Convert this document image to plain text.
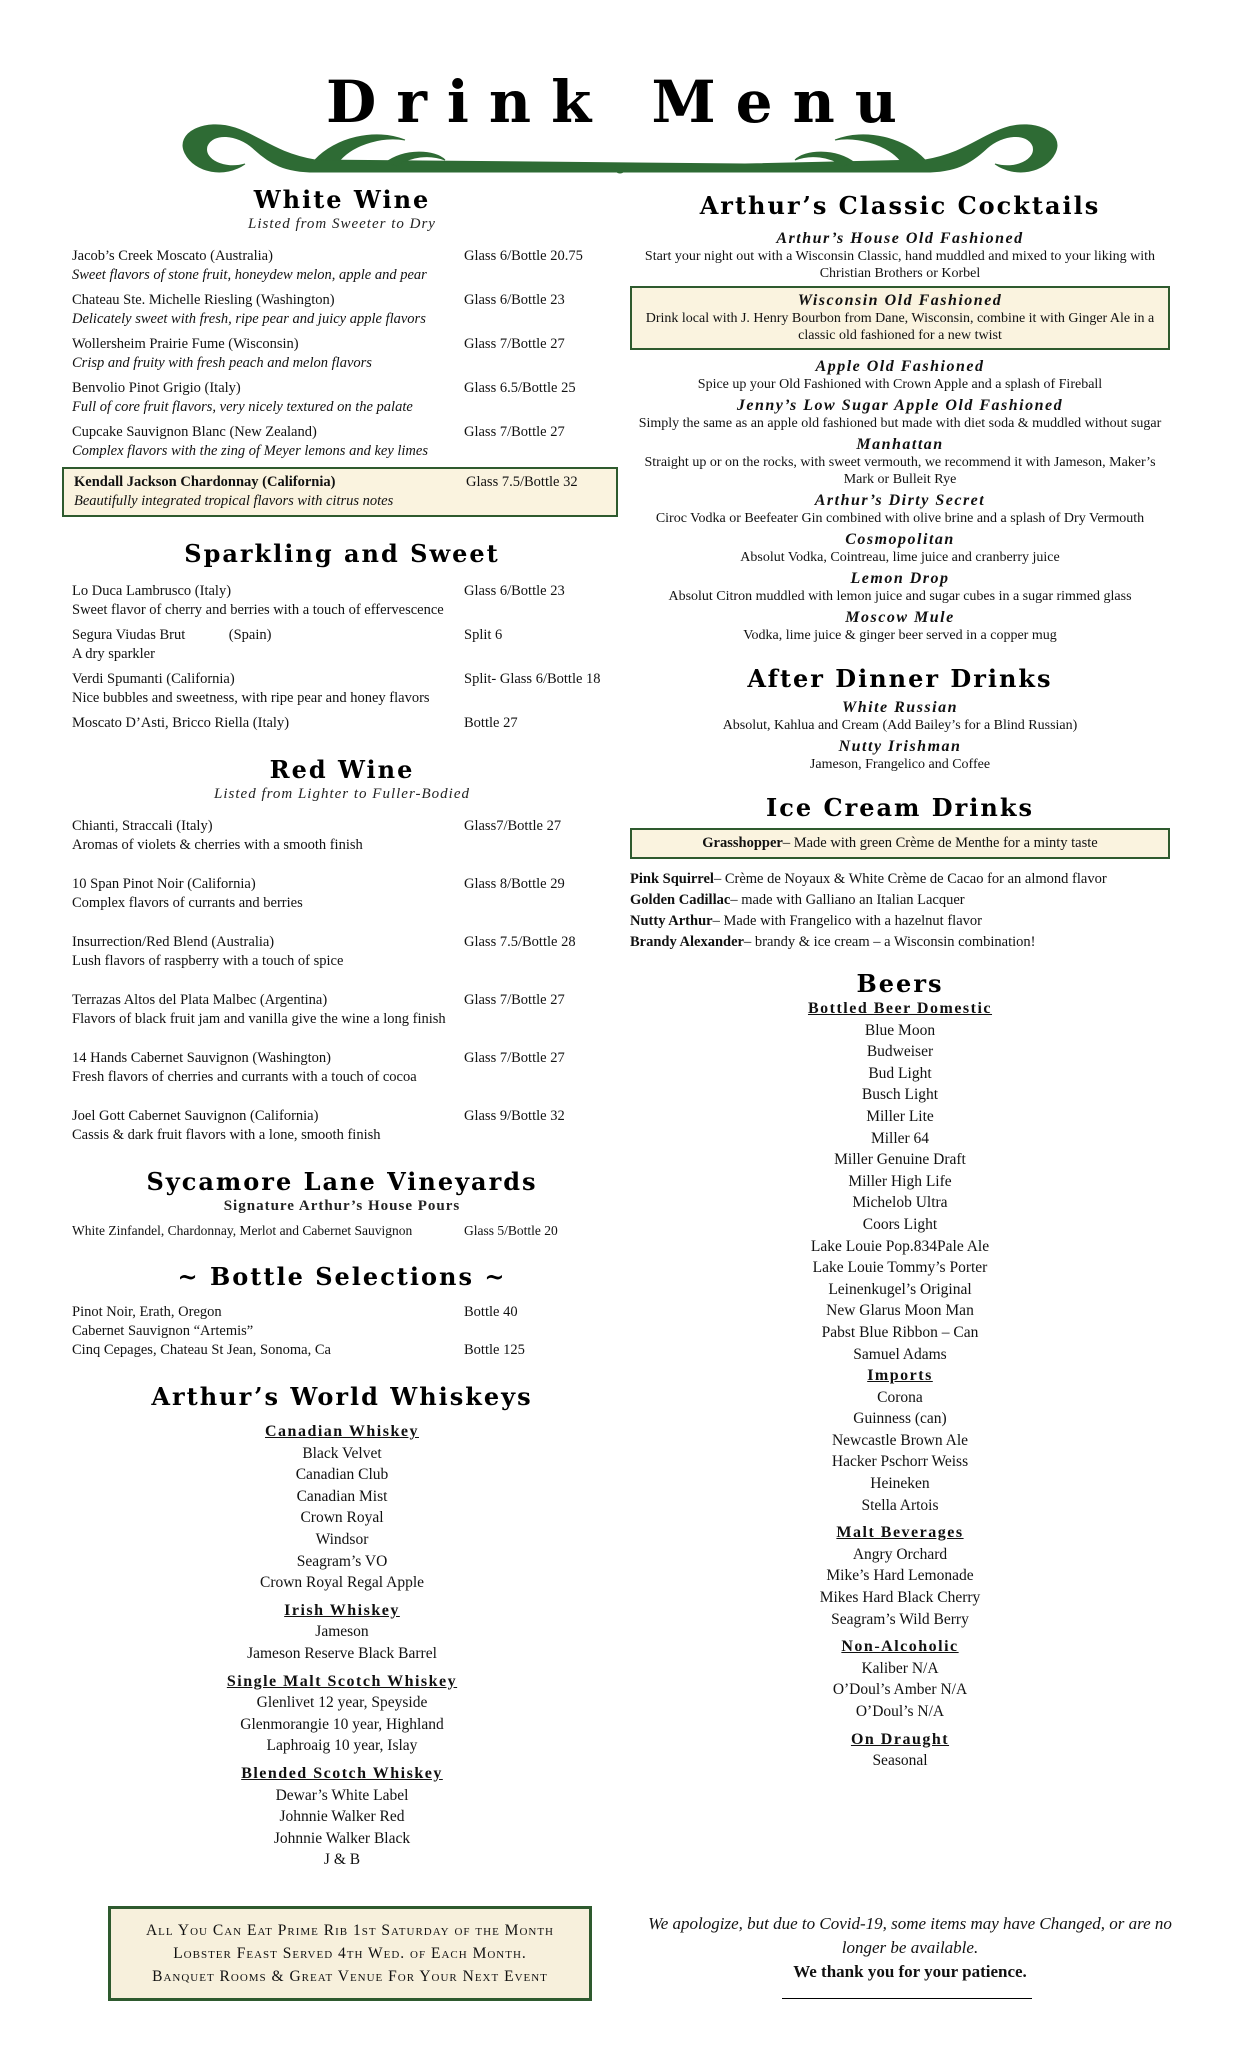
Drink Menu
White Wine
Listed from Sweeter to Dry
Jacob’s Creek Moscato (Australia)	Glass 6/Bottle 20.75
Sweet flavors of stone fruit, honeydew melon, apple and pear
Chateau Ste. Michelle Riesling (Washington)	Glass 6/Bottle 23
Delicately sweet with fresh, ripe pear and juicy apple flavors
Wollersheim Prairie Fume (Wisconsin)	Glass 7/Bottle 27
Crisp and fruity with fresh peach and melon flavors
Benvolio Pinot Grigio (Italy)	Glass 6.5/Bottle 25
Full of core fruit flavors, very nicely textured on the palate
Cupcake Sauvignon Blanc (New Zealand)	Glass 7/Bottle 27
Complex flavors with the zing of Meyer lemons and key limes
Kendall Jackson Chardonnay (California)	Glass 7.5/Bottle 32
Beautifully integrated tropical flavors with citrus notes
Sparkling and Sweet
Lo Duca Lambrusco (Italy)	Glass 6/Bottle 23
Sweet flavor of cherry and berries with a touch of effervescence
Segura Viudas Brut            (Spain)	Split 6
A dry sparkler
Verdi Spumanti (California)	Split- Glass 6/Bottle 18
Nice bubbles and sweetness, with ripe pear and honey flavors
Moscato D’Asti, Bricco Riella (Italy)	Bottle 27
Red Wine
Listed from Lighter to Fuller-Bodied
Chianti, Straccali (Italy)	Glass7/Bottle 27
Aromas of violets & cherries with a smooth finish
10 Span Pinot Noir (California)	Glass 8/Bottle 29
Complex flavors of currants and berries
Insurrection/Red Blend (Australia)	Glass 7.5/Bottle 28
Lush flavors of raspberry with a touch of spice
Terrazas Altos del Plata Malbec (Argentina)	Glass 7/Bottle 27
Flavors of black fruit jam and vanilla give the wine a long finish
14 Hands Cabernet Sauvignon (Washington)	Glass 7/Bottle 27
Fresh flavors of cherries and currants with a touch of cocoa
Joel Gott Cabernet Sauvignon (California)	Glass 9/Bottle 32
Cassis & dark fruit flavors with a lone, smooth finish
Sycamore Lane Vineyards
Signature Arthur’s House Pours
White Zinfandel, Chardonnay, Merlot and Cabernet Sauvignon	Glass 5/Bottle 20
~ Bottle Selections ~
Pinot Noir, Erath, Oregon	Bottle 40
Cabernet Sauvignon “Artemis”
Cinq Cepages, Chateau St Jean, Sonoma, Ca	Bottle 125
Arthur’s World Whiskeys
Canadian Whiskey
Black Velvet
Canadian Club
Canadian Mist
Crown Royal
Windsor
Seagram’s VO
Crown Royal Regal Apple
Irish Whiskey
Jameson
Jameson Reserve Black Barrel
Single Malt Scotch Whiskey
Glenlivet 12 year, Speyside
Glenmorangie 10 year, Highland
Laphroaig 10 year, Islay
Blended Scotch Whiskey
Dewar’s White Label
Johnnie Walker Red
Johnnie Walker Black
J & B
All You Can Eat Prime Rib 1st Saturday of the Month
Lobster Feast Served 4th Wed. of Each Month.
Banquet Rooms & Great Venue For Your Next Event
Arthur’s Classic Cocktails
Arthur’s House Old Fashioned
Start your night out with a Wisconsin Classic, hand muddled and mixed to your liking with Christian Brothers or Korbel
Wisconsin Old Fashioned
Drink local with J. Henry Bourbon from Dane, Wisconsin, combine it with Ginger Ale in a classic old fashioned for a new twist
Apple Old Fashioned
Spice up your Old Fashioned with Crown Apple and a splash of Fireball
Jenny’s Low Sugar Apple Old Fashioned
Simply the same as an apple old fashioned but made with diet soda & muddled without sugar
Manhattan
Straight up or on the rocks, with sweet vermouth, we recommend it with Jameson, Maker’s Mark or Bulleit Rye
Arthur’s Dirty Secret
Ciroc Vodka or Beefeater Gin combined with olive brine and a splash of Dry Vermouth
Cosmopolitan
Absolut Vodka, Cointreau, lime juice and cranberry juice
Lemon Drop
Absolut Citron muddled with lemon juice and sugar cubes in a sugar rimmed glass
Moscow Mule
Vodka, lime juice & ginger beer served in a copper mug
After Dinner Drinks
White Russian
Absolut, Kahlua and Cream (Add Bailey’s for a Blind Russian)
Nutty Irishman
Jameson, Frangelico and Coffee
Ice Cream Drinks
Grasshopper– Made with green Crème de Menthe for a minty taste
Pink Squirrel– Crème de Noyaux & White Crème de Cacao for an almond flavor
Golden Cadillac– made with Galliano an Italian Lacquer
Nutty Arthur– Made with Frangelico with a hazelnut flavor
Brandy Alexander– brandy & ice cream – a Wisconsin combination!
Beers
Bottled Beer Domestic
Blue Moon
Budweiser
Bud Light
Busch Light
Miller Lite
Miller 64
Miller Genuine Draft
Miller High Life
Michelob Ultra
Coors Light
Lake Louie Pop.834Pale Ale
Lake Louie Tommy’s Porter
Leinenkugel’s Original
New Glarus Moon Man
Pabst Blue Ribbon – Can
Samuel Adams
Imports
Corona
Guinness (can)
Newcastle Brown Ale
Hacker Pschorr Weiss
Heineken
Stella Artois
Malt Beverages
Angry Orchard
Mike’s Hard Lemonade
Mikes Hard Black Cherry
Seagram’s Wild Berry
Non-Alcoholic
Kaliber N/A
O’Doul’s Amber N/A
O’Doul’s N/A
On Draught
Seasonal
We apologize, but due to Covid-19, some items may have Changed, or are no longer be available.
We thank you for your patience.
